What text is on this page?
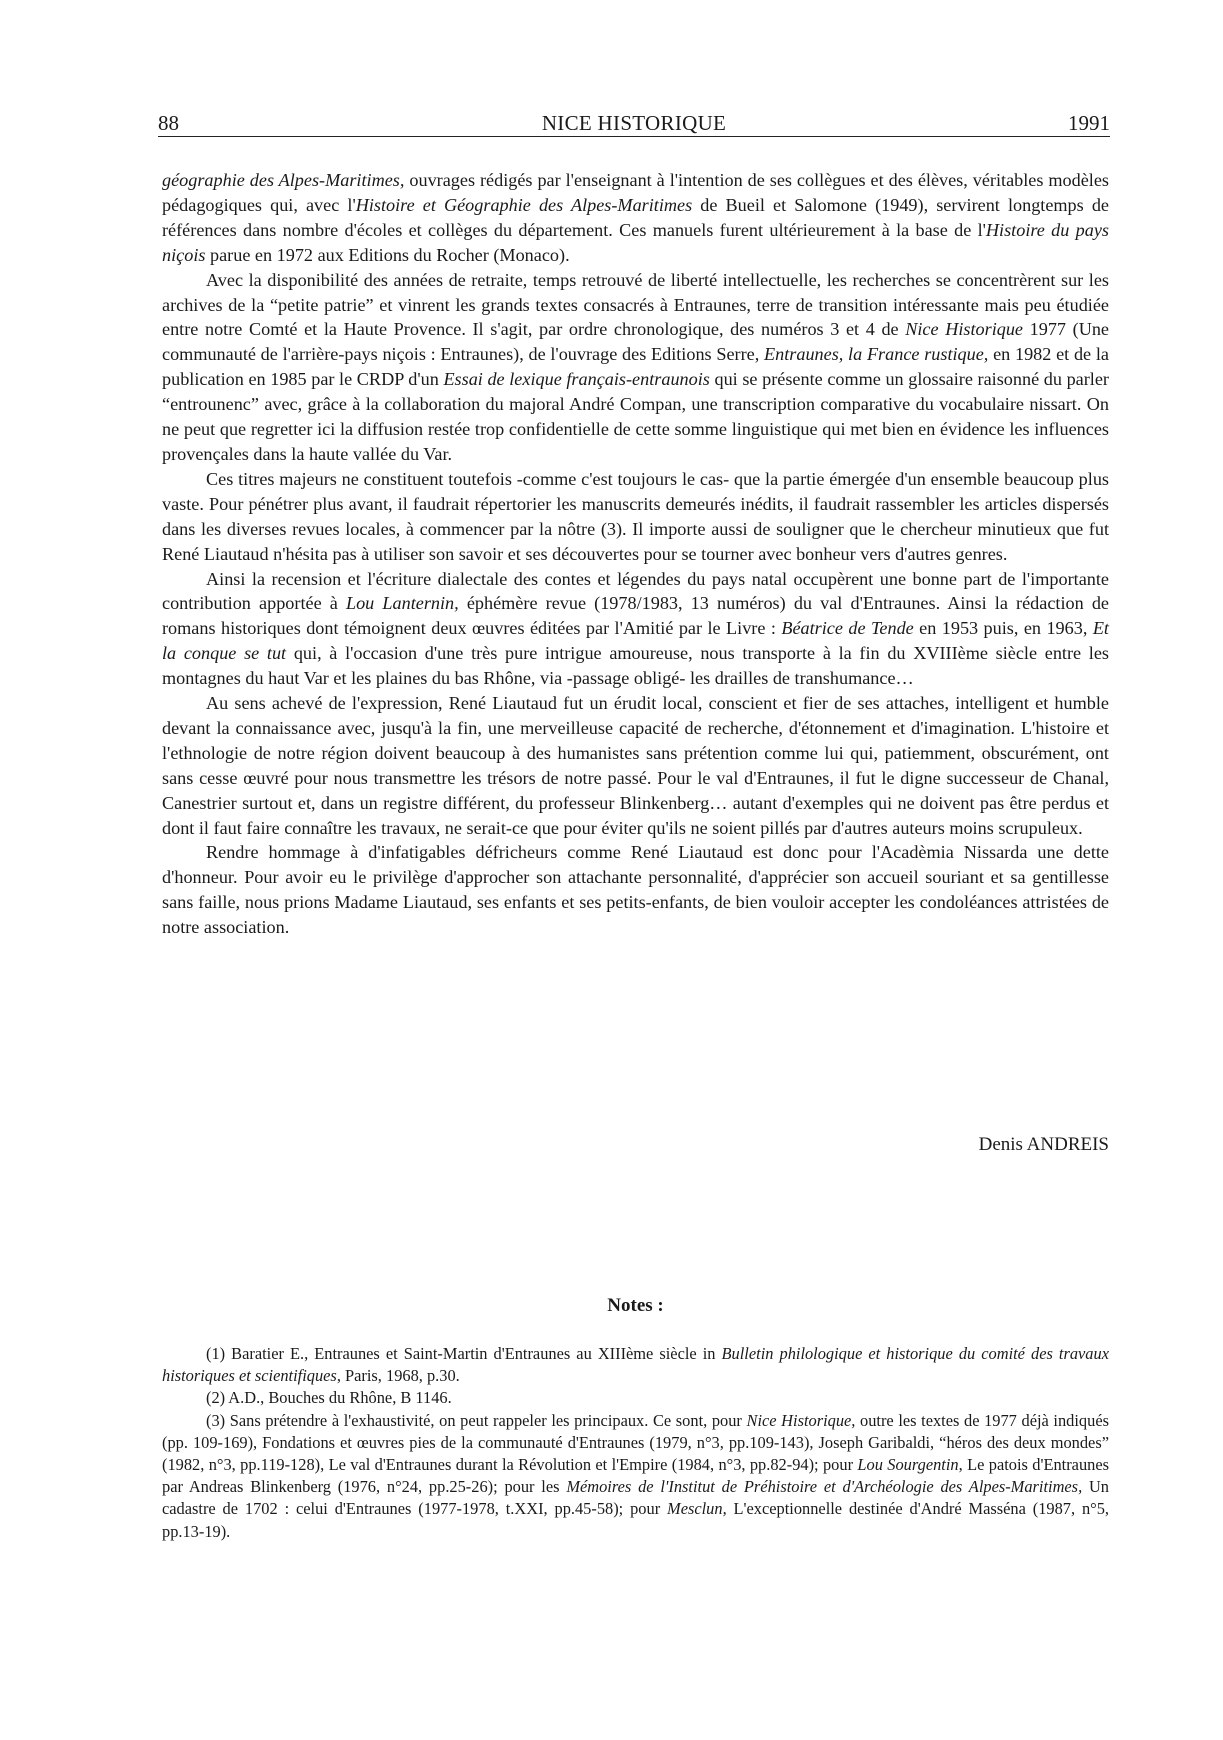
88	NICE HISTORIQUE	1991

géographie des Alpes-Maritimes, ouvrages rédigés par l'enseignant à l'intention de ses collègues et des élèves, véritables modèles pédagogiques qui, avec l'Histoire et Géographie des Alpes-Maritimes de Bueil et Salomone (1949), servirent longtemps de références dans nombre d'écoles et collèges du département. Ces manuels furent ultérieurement à la base de l'Histoire du pays niçois parue en 1972 aux Editions du Rocher (Monaco).

Avec la disponibilité des années de retraite, temps retrouvé de liberté intellectuelle, les recherches se concentrèrent sur les archives de la “petite patrie” et vinrent les grands textes consacrés à Entraunes, terre de transition intéressante mais peu étudiée entre notre Comté et la Haute Provence. Il s'agit, par ordre chronologique, des numéros 3 et 4 de Nice Historique 1977 (Une communauté de l'arrière-pays niçois : Entraunes), de l'ouvrage des Editions Serre, Entraunes, la France rustique, en 1982 et de la publication en 1985 par le CRDP d'un Essai de lexique français-entraunois qui se présente comme un glossaire raisonné du parler “entrounenc” avec, grâce à la collaboration du majoral André Compan, une transcription comparative du vocabulaire nissart. On ne peut que regretter ici la diffusion restée trop confidentielle de cette somme linguistique qui met bien en évidence les influences provençales dans la haute vallée du Var.

Ces titres majeurs ne constituent toutefois -comme c'est toujours le cas- que la partie émergée d'un ensemble beaucoup plus vaste. Pour pénétrer plus avant, il faudrait répertorier les manuscrits demeurés inédits, il faudrait rassembler les articles dispersés dans les diverses revues locales, à commencer par la nôtre (3). Il importe aussi de souligner que le chercheur minutieux que fut René Liautaud n'hésita pas à utiliser son savoir et ses découvertes pour se tourner avec bonheur vers d'autres genres.

Ainsi la recension et l'écriture dialectale des contes et légendes du pays natal occupèrent une bonne part de l'importante contribution apportée à Lou Lanternin, éphémère revue (1978/1983, 13 numéros) du val d'Entraunes. Ainsi la rédaction de romans historiques dont témoignent deux œuvres éditées par l'Amitié par le Livre : Béatrice de Tende en 1953 puis, en 1963, Et la conque se tut qui, à l'occasion d'une très pure intrigue amoureuse, nous transporte à la fin du XVIIIème siècle entre les montagnes du haut Var et les plaines du bas Rhône, via -passage obligé- les drailles de transhumance…

Au sens achevé de l'expression, René Liautaud fut un érudit local, conscient et fier de ses attaches, intelligent et humble devant la connaissance avec, jusqu'à la fin, une merveilleuse capacité de recherche, d'étonnement et d'imagination. L'histoire et l'ethnologie de notre région doivent beaucoup à des humanistes sans prétention comme lui qui, patiemment, obscurément, ont sans cesse œuvré pour nous transmettre les trésors de notre passé. Pour le val d'Entraunes, il fut le digne successeur de Chanal, Canestrier surtout et, dans un registre différent, du professeur Blinkenberg… autant d'exemples qui ne doivent pas être perdus et dont il faut faire connaître les travaux, ne serait-ce que pour éviter qu'ils ne soient pillés par d'autres auteurs moins scrupuleux.

Rendre hommage à d'infatigables défricheurs comme René Liautaud est donc pour l'Acadèmia Nissarda une dette d'honneur. Pour avoir eu le privilège d'approcher son attachante personnalité, d'apprécier son accueil souriant et sa gentillesse sans faille, nous prions Madame Liautaud, ses enfants et ses petits-enfants, de bien vouloir accepter les condoléances attristées de notre association.

Denis ANDREIS
Notes :

(1) Baratier E., Entraunes et Saint-Martin d'Entraunes au XIIIème siècle in Bulletin philologique et historique du comité des travaux historiques et scientifiques, Paris, 1968, p.30.

(2) A.D., Bouches du Rhône, B 1146.

(3) Sans prétendre à l'exhaustivité, on peut rappeler les principaux. Ce sont, pour Nice Historique, outre les textes de 1977 déjà indiqués (pp. 109-169), Fondations et œuvres pies de la communauté d'Entraunes (1979, n°3, pp.109-143), Joseph Garibaldi, “héros des deux mondes” (1982, n°3, pp.119-128), Le val d'Entraunes durant la Révolution et l'Empire (1984, n°3, pp.82-94); pour Lou Sourgentin, Le patois d'Entraunes par Andreas Blinkenberg (1976, n°24, pp.25-26); pour les Mémoires de l'Institut de Préhistoire et d'Archéologie des Alpes-Maritimes, Un cadastre de 1702 : celui d'Entraunes (1977-1978, t.XXI, pp.45-58); pour Mesclun, L'exceptionnelle destinée d'André Masséna (1987, n°5, pp.13-19).
